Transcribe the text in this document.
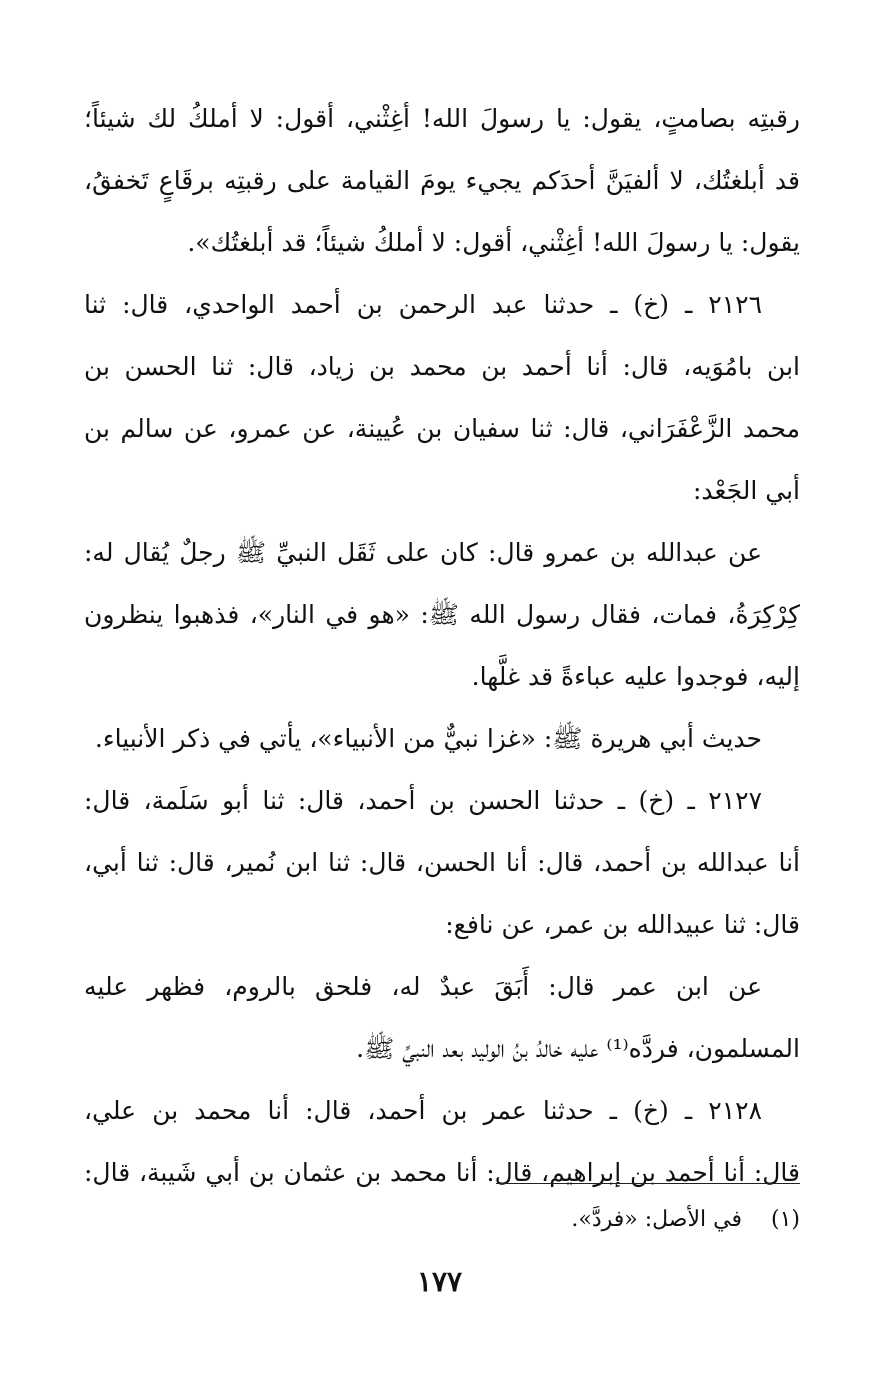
رقبتِه بصامتٍ، يقول: يا رسولَ الله! أغِثْني، أقول: لا أملكُ لك شيئاً؛
قد أبلغتُك، لا ألفيَنَّ أحدَكم يجيء يومَ القيامة على رقبتِه برقَاعٍ تَخفقُ،
يقول: يا رسولَ الله! أغِثْني، أقول: لا أملكُ شيئاً؛ قد أبلغتُك».
٢١٢٦ ـ (خ) ـ حدثنا عبد الرحمن بن أحمد الواحدي، قال: ثنا
ابن بامُوَيه، قال: أنا أحمد بن محمد بن زياد، قال: ثنا الحسن بن
محمد الزَّعْفَرَاني، قال: ثنا سفيان بن عُيينة، عن عمرو، عن سالم بن
أبي الجَعْد:
عن عبدالله بن عمرو قال: كان على ثَقَل النبيِّ ﷺ رجلٌ يُقال له:
كِرْكِرَةُ، فمات، فقال رسول الله ﷺ: «هو في النار»، فذهبوا ينظرون
إليه، فوجدوا عليه عباءةً قد غلَّها.
حديث أبي هريرة ﷺ: «غزا نبيٌّ من الأنبياء»، يأتي في ذكر الأنبياء.
٢١٢٧ ـ (خ) ـ حدثنا الحسن بن أحمد، قال: ثنا أبو سَلَمة، قال:
أنا عبدالله بن أحمد، قال: أنا الحسن، قال: ثنا ابن نُمير، قال: ثنا أبي،
قال: ثنا عبيدالله بن عمر، عن نافع:
عن ابن عمر قال: أَبَقَ عبدٌ له، فلحق بالروم، فظهر عليه
المسلمون، فردَّه⁽¹⁾ عليه خالدُ بنُ الوليد بعد النبيِّ ﷺ.
٢١٢٨ ـ (خ) ـ حدثنا عمر بن أحمد، قال: أنا محمد بن علي،
قال: أنا أحمد بن إبراهيم، قال: أنا محمد بن عثمان بن أبي شَيبة، قال:
(١) في الأصل: «فردَّ».
١٧٧
